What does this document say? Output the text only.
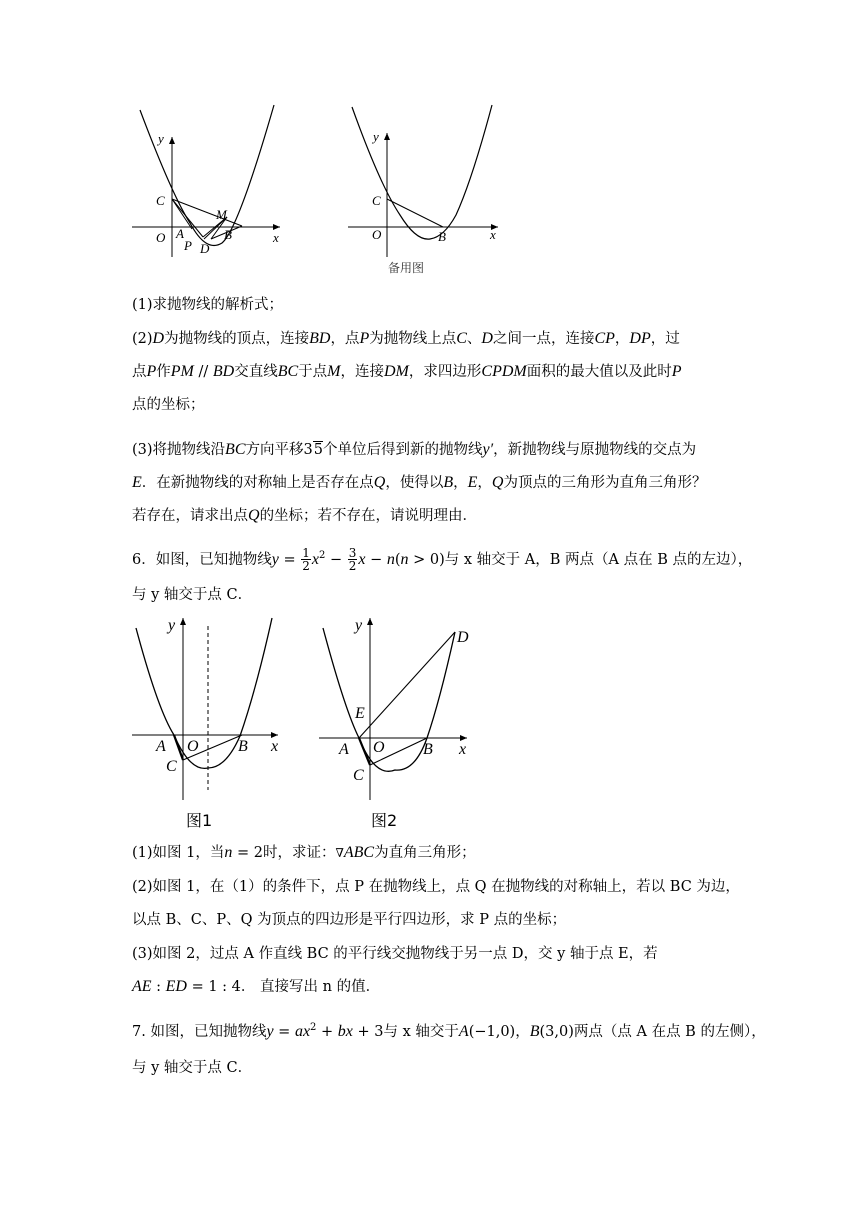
y
x
C
O A
P D
B
M
y
x
C
O	B
备用图
(1)求抛物线的解析式；
(2)D为抛物线的顶点，连接BD，点P为抛物线上点C、D之间一点，连接CP，DP，过
点P作PM // BD交直线BC于点M，连接DM，求四边形CPDM面积的最大值以及此时P
点的坐标；
(3)将抛物线沿BC方向平移35个单位后得到新的抛物线y′，新抛物线与原抛物线的交点为
E．在新抛物线的对称轴上是否存在点Q，使得以B，E，Q为顶点的三角形为直角三角形？
若存在，请求出点Q的坐标；若不存在，请说明理由．
6．如图，已知抛物线$y = \frac{1}{2} x^2 - \frac{3}{2}$ x − n(n > 0)与 x 轴交于 A，B 两点（A 点在 B 点的左边），
与 y 轴交于点 C．
y
x
A O B
C
图1
y
x
A O B
C
D
E
图2
(1)如图 1，当n = 2时，求证：∇ABC为直角三角形；
(2)如图 1，在（1）的条件下，点 P 在抛物线上，点 Q 在抛物线的对称轴上，若以 BC 为边，
以点 B、C、P、Q 为顶点的四边形是平行四边形，求 P 点的坐标；
(3)如图 2，过点 A 作直线 BC 的平行线交抛物线于另一点 D，交 y 轴于点 E，若
AE : ED = 1 : 4． 直接写出 n 的值．
7. 如图，已知抛物线$y = ax^2$ + bx + 3与 x 轴交于A(−1,0)，B(3,0)两点（点 A 在点 B 的左侧），
与 y 轴交于点 C．
